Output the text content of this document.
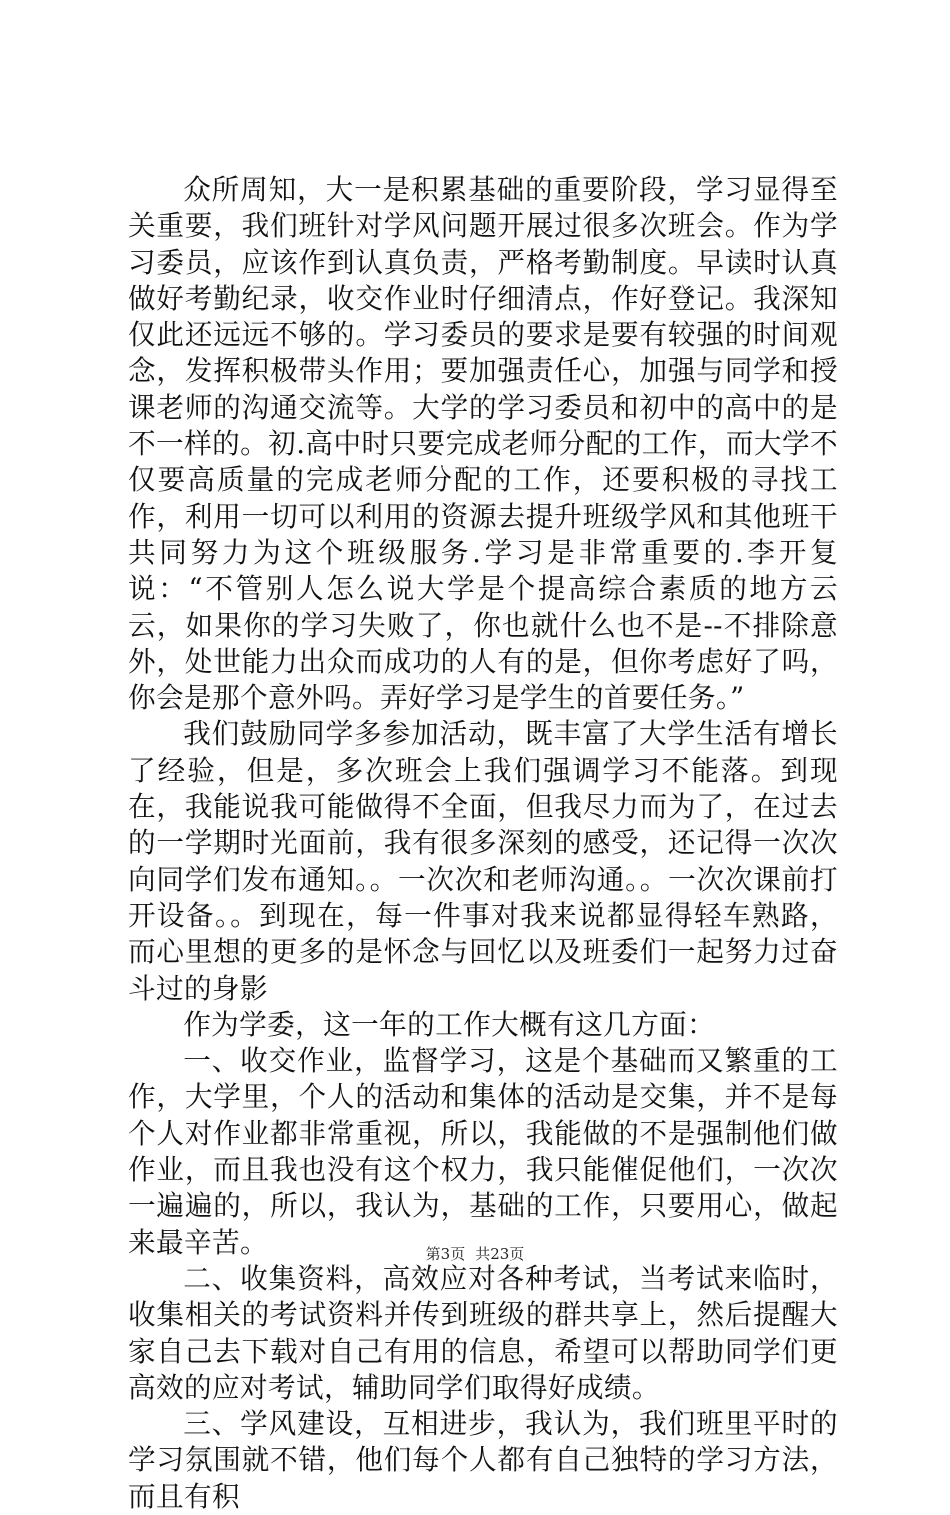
众所周知，大一是积累基础的重要阶段，学习显得至关重要，我们班针对学风问题开展过很多次班会。作为学习委员，应该作到认真负责，严格考勤制度。早读时认真做好考勤纪录，收交作业时仔细清点，作好登记。我深知仅此还远远不够的。学习委员的要求是要有较强的时间观念，发挥积极带头作用；要加强责任心，加强与同学和授课老师的沟通交流等。大学的学习委员和初中的高中的是不一样的。初.高中时只要完成老师分配的工作，而大学不仅要高质量的完成老师分配的工作，还要积极的寻找工作，利用一切可以利用的资源去提升班级学风和其他班干共同努力为这个班级服务.学习是非常重要的.李开复说：“不管别人怎么说大学是个提高综合素质的地方云云，如果你的学习失败了，你也就什么也不是--不排除意外，处世能力出众而成功的人有的是，但你考虑好了吗，你会是那个意外吗。弄好学习是学生的首要任务。”

我们鼓励同学多参加活动，既丰富了大学生活有增长了经验，但是，多次班会上我们强调学习不能落。到现在，我能说我可能做得不全面，但我尽力而为了，在过去的一学期时光面前，我有很多深刻的感受，还记得一次次向同学们发布通知。。一次次和老师沟通。。一次次课前打开设备。。到现在，每一件事对我来说都显得轻车熟路，而心里想的更多的是怀念与回忆以及班委们一起努力过奋斗过的身影

作为学委，这一年的工作大概有这几方面：

一、收交作业，监督学习，这是个基础而又繁重的工作，大学里，个人的活动和集体的活动是交集，并不是每个人对作业都非常重视，所以，我能做的不是强制他们做作业，而且我也没有这个权力，我只能催促他们，一次次一遍遍的，所以，我认为，基础的工作，只要用心，做起来最辛苦。

二、收集资料，高效应对各种考试，当考试来临时，收集相关的考试资料并传到班级的群共享上，然后提醒大家自己去下载对自己有用的信息，希望可以帮助同学们更高效的应对考试，辅助同学们取得好成绩。

三、学风建设，互相进步，我认为，我们班里平时的学习氛围就不错，他们每个人都有自己独特的学习方法，而且有积

第3页 共23页
